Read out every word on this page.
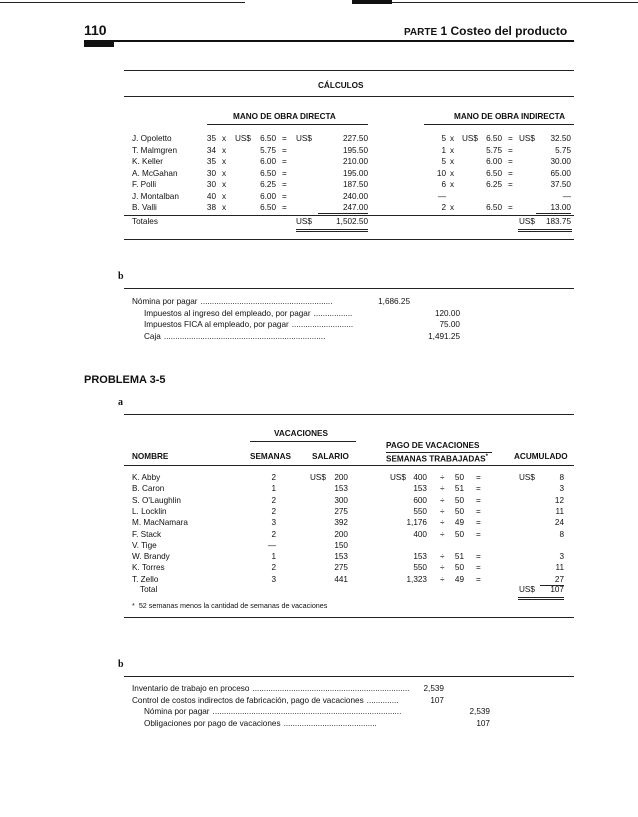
110	PARTE 1 Costeo del producto
CÁLCULOS
MANO DE OBRA DIRECTA	MANO DE OBRA INDIRECTA
J. Opoletto	35 x US$	6.50 = US$	227.50	5 x US$ 6.50 = US$	32.50
T. Malmgren	34 x	5.75 =	195.50	1 x	5.75 =	5.75
K. Keller	35 x	6.00 =	210.00	5 x	6.00 =	30.00
A. McGahan	30 x	6.50 =	195.00	10 x	6.50 =	65.00
F. Polli	30 x	6.25 =	187.50	6 x	6.25 =	37.50
J. Montalban	40 x	6.00 =	240.00	—	—
B. Valli	38 x	6.50 =	247.00	2 x	6.50 =	13.00
Totales	US$	1,502.50	US$	183.75
b
Nómina por pagar ..........................................................	1,686.25
Impuestos al ingreso del empleado, por pagar .................	120.00
Impuestos FICA al empleado, por pagar ...........................	75.00
Caja .......................................................................	1,491.25
PROBLEMA 3-5
a
VACACIONES
PAGO DE VACACIONES
SEMANAS TRABAJADAS*
NOMBRE	SEMANAS	SALARIO	ACUMULADO
K. Abby	2	US$	200	US$ 400 ÷	50 =	US$	8
B. Caron	1	153	153 ÷	51 =	3
S. O'Laughlin	2	300	600 ÷	50 =	12
L. Locklin	2	275	550 ÷	50 =	11
M. MacNamara	3	392	1,176 ÷	49 =	24
F. Stack	2	200	400 ÷	50 =	8
V. Tige	—	150
W. Brandy	1	153	153 ÷	51 =	3
K. Torres	2	275	550 ÷	50 =	11
T. Zello	3	441	1,323 ÷	49 =	27
Total	US$	107
* 52 semanas menos la cantidad de semanas de vacaciones
b
Inventario de trabajo en proceso .....................................................................	2,539
Control de costos indirectos de fabricación, pago de vacaciones ..............	107
Nómina por pagar ...................................................................................	2,539
Obligaciones por pago de vacaciones .........................................	107
